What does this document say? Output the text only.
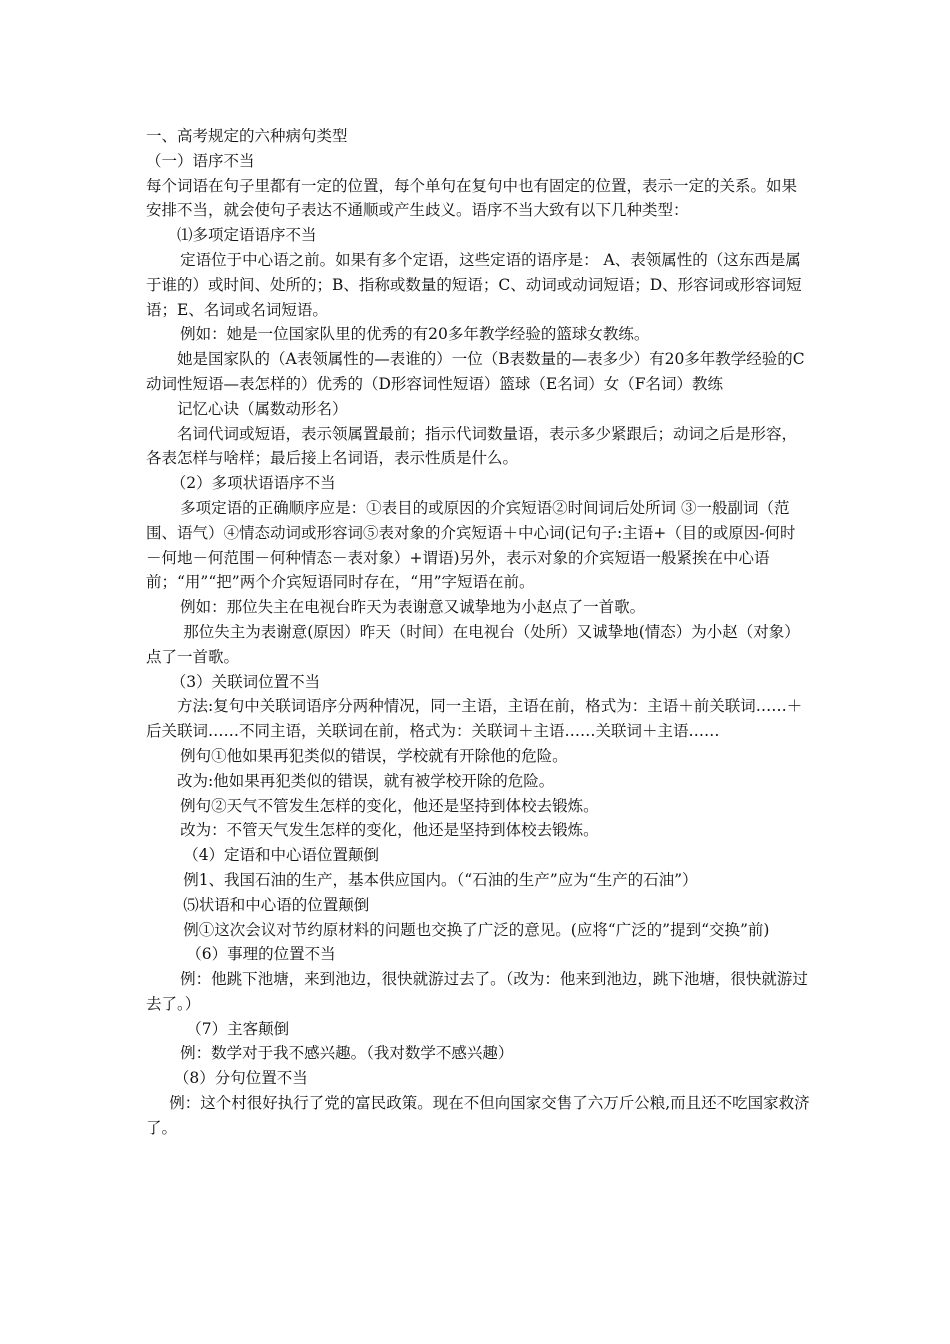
一、高考规定的六种病句类型

（一）语序不当

每个词语在句子里都有一定的位置，每个单句在复句中也有固定的位置，表示一定的关系。如果安排不当，就会使句子表达不通顺或产生歧义。语序不当大致有以下几种类型：

⑴多项定语语序不当

定语位于中心语之前。如果有多个定语，这些定语的语序是： A、表领属性的（这东西是属于谁的）或时间、处所的；B、指称或数量的短语；C、动词或动词短语；D、形容词或形容词短语；E、名词或名词短语。

例如：她是一位国家队里的优秀的有20多年教学经验的篮球女教练。

她是国家队的（A表领属性的—表谁的）一位（B表数量的—表多少）有20多年教学经验的C动词性短语—表怎样的）优秀的（D形容词性短语）篮球（E名词）女（F名词）教练

记忆心诀（属数动形名）

名词代词或短语，表示领属置最前；指示代词数量语，表示多少紧跟后；动词之后是形容，各表怎样与啥样；最后接上名词语，表示性质是什么。

（2）多项状语语序不当

多项定语的正确顺序应是：①表目的或原因的介宾短语②时间词后处所词 ③一般副词（范围、语气）④情态动词或形容词⑤表对象的介宾短语＋中心词(记句子:主语+（目的或原因-何时－何地－何范围－何种情态－表对象）+谓语)另外，表示对象的介宾短语一般紧挨在中心语前；“用”“把”两个介宾短语同时存在，“用”字短语在前。

例如：那位失主在电视台昨天为表谢意又诚挚地为小赵点了一首歌。

那位失主为表谢意(原因）昨天（时间）在电视台（处所）又诚挚地(情态）为小赵（对象）点了一首歌。

（3）关联词位置不当

方法:复句中关联词语序分两种情况，同一主语，主语在前，格式为：主语＋前关联词……＋后关联词……不同主语，关联词在前，格式为：关联词＋主语……关联词＋主语……

例句①他如果再犯类似的错误，学校就有开除他的危险。

改为:他如果再犯类似的错误，就有被学校开除的危险。

例句②天气不管发生怎样的变化，他还是坚持到体校去锻炼。

改为：不管天气发生怎样的变化，他还是坚持到体校去锻炼。

（4）定语和中心语位置颠倒

例1、我国石油的生产，基本供应国内。（“石油的生产”应为“生产的石油”）

⑸状语和中心语的位置颠倒

例①这次会议对节约原材料的问题也交换了广泛的意见。(应将“广泛的”提到“交换”前)

（6）事理的位置不当

例：他跳下池塘，来到池边，很快就游过去了。（改为：他来到池边，跳下池塘，很快就游过去了。）

（7）主客颠倒

例：数学对于我不感兴趣。（我对数学不感兴趣）

（8）分句位置不当

例：这个村很好执行了党的富民政策。现在不但向国家交售了六万斤公粮,而且还不吃国家救济了。
